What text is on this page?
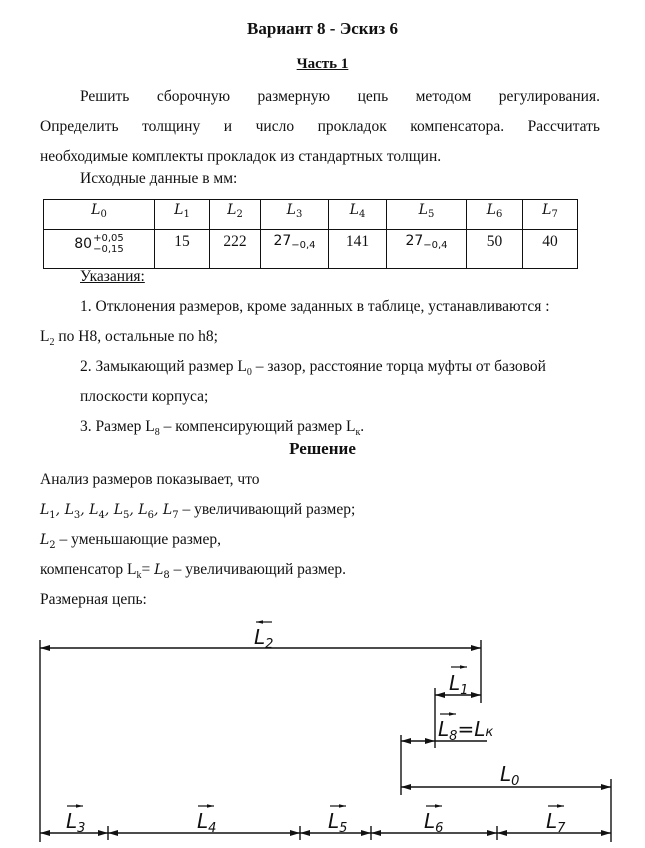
Вариант 8 - Эскиз 6
Часть 1
Решить сборочную размерную цепь методом регулирования.
Определить толщину и число прокладок компенсатора. Рассчитать
необходимые комплекты прокладок из стандартных толщин.
Исходные данные в мм:
$L_0$	$L_1$	$L_2$	$L_3$	$L_4$	$L_5$	$L_6$	$L_7$
80 +0,05
−0,15	15	222	$27_{-0,4}$	141	$27_{-0,4}$	50	40
Указания:
1. Отклонения размеров, кроме заданных в таблице, устанавливаются :
$L_2$ по H8, остальные по h8;
2. Замыкающий размер $L_0$ – зазор, расстояние торца муфты от базовой
плоскости корпуса;
3. Размер $L_8$ – компенсирующий размер $L_к$.
Решение
Анализ размеров показывает, что
$L_1$, $L_3$, $L_4$, $L_5$, $L_6$, $L_7$ – увеличивающий размер;
$L_2$ – уменьшающие размер,
компенсатор $L_k= L_8$ – увеличивающий размер.
Размерная цепь:
$L_2$
$L_1$
$L_8=Lк$
$L_0$
$L_3$	$L_4$	$L_5$	$L_6$	$L_7$
